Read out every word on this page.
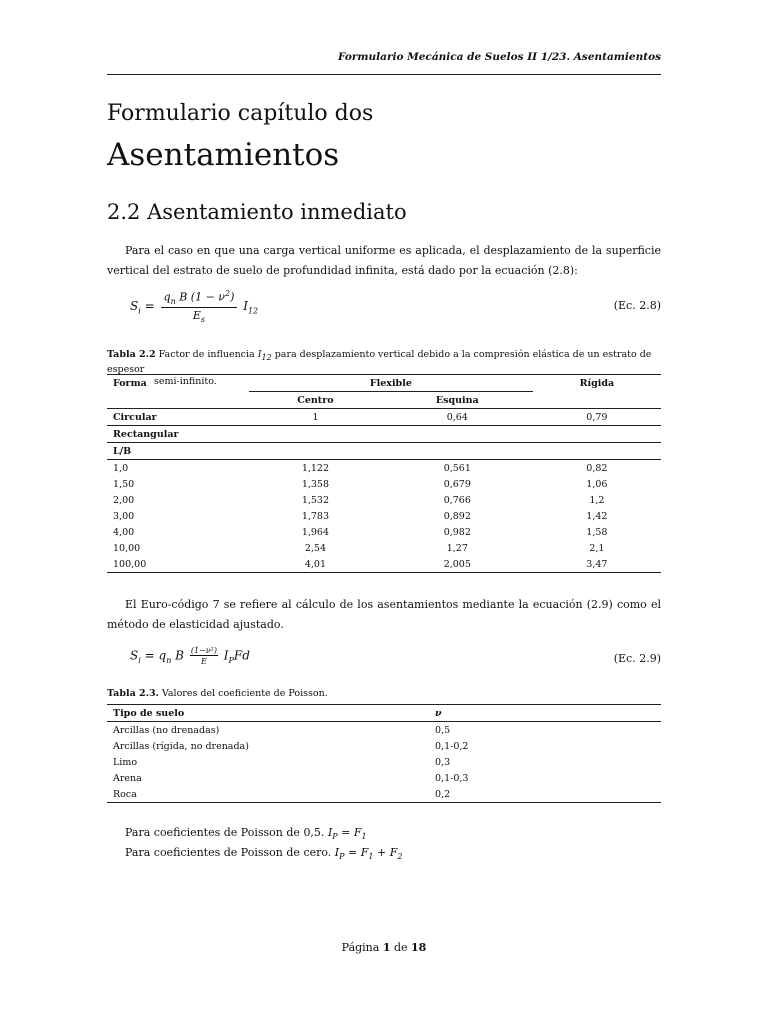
Formulario Mecánica de Suelos II 1/23. Asentamientos
Formulario capítulo dos
Asentamientos
2.2 Asentamiento inmediato

Para el caso en que una carga vertical uniforme es aplicada, el desplazamiento de la superficie vertical del estrato de suelo de profundidad infinita, está dado por la ecuación (2.8):

$S_i = \frac{q_n B (1 - \nu^2)}{E_s} I_{12}$	(Ec. 2.8)

Tabla 2.2 Factor de influencia $I_{12}$ para desplazamiento vertical debido a la compresión elástica de un estrato de espesor
semi-infinito.

Forma	Flexible		Rígida
	Centro	Esquina	
Circular	1	0,64	0,79
Rectangular			
L/B			
1,0	1,122	0,561	0,82
1,50	1,358	0,679	1,06
2,00	1,532	0,766	1,2
3,00	1,783	0,892	1,42
4,00	1,964	0,982	1,58
10,00	2,54	1,27	2,1
100,00	4,01	2,005	3,47

El Euro-código 7 se refiere al cálculo de los asentamientos mediante la ecuación (2.9) como el método de elasticidad ajustado.

$S_i = q_n$ B $\frac{\text{(1−ν²)}}{E} I_PFd$	(Ec. 2.9)

Tabla 2.3. Valores del coeficiente de Poisson.

Tipo de suelo	ν
Arcillas (no drenadas)	0,5
Arcillas (rígida, no drenada)	0,1-0,2
Limo	0,3
Arena	0,1-0,3
Roca	0,2

Para coeficientes de Poisson de 0,5. $I_P = F_1$

Para coeficientes de Poisson de cero. $I_P = F_1 + F_2$

Página 1 de 18
